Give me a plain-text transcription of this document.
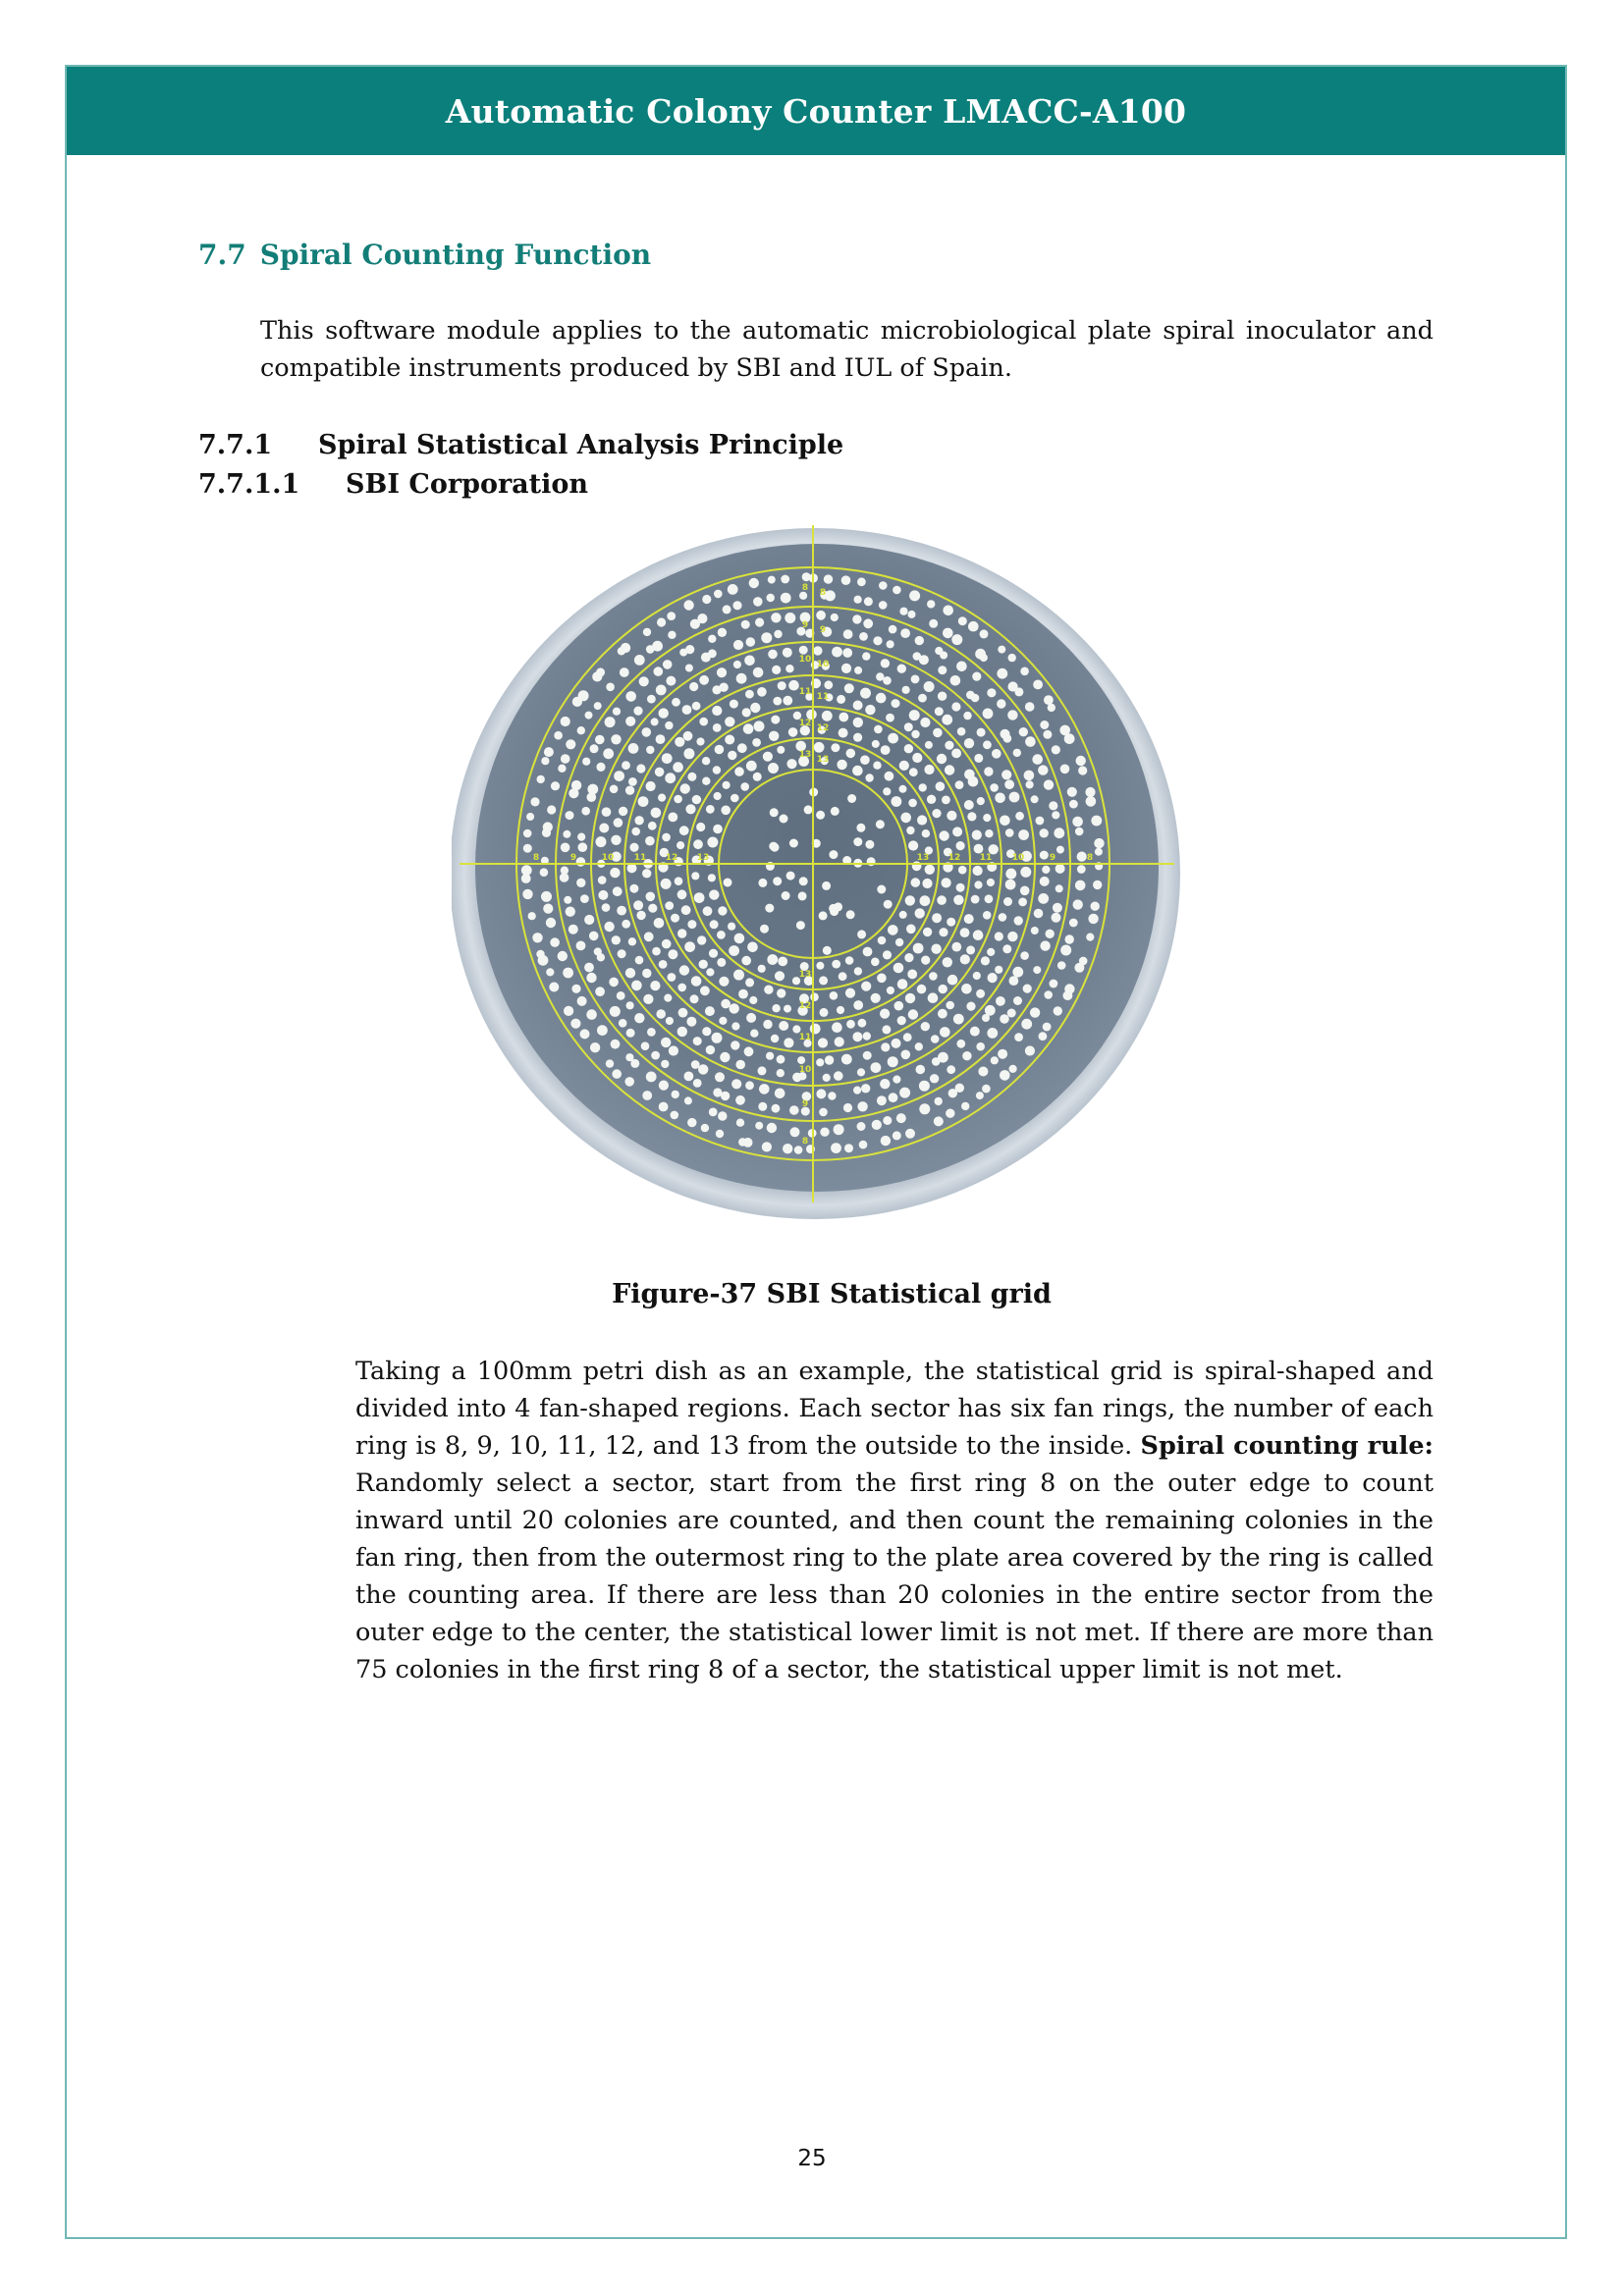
Automatic Colony Counter LMACC-A100
7.7 Spiral Counting Function
This software module applies to the automatic microbiological plate spiral inoculator and compatible instruments produced by SBI and IUL of Spain.
7.7.1 Spiral Statistical Analysis Principle
7.7.1.1 SBI Corporation
8 8
8
8	8
9 9
9
9	9
10 10
10
10	10
11 11
11
11	11
12 12
12
12	12
13 13
13
13	13
Figure-37 SBI Statistical grid
Taking a 100mm petri dish as an example, the statistical grid is spiral-shaped and divided into 4 fan-shaped regions. Each sector has six fan rings, the number of each ring is 8, 9, 10, 11, 12, and 13 from the outside to the inside. Spiral counting rule: Randomly select a sector, start from the first ring 8 on the outer edge to count inward until 20 colonies are counted, and then count the remaining colonies in the fan ring, then from the outermost ring to the plate area covered by the ring is called the counting area. If there are less than 20 colonies in the entire sector from the outer edge to the center, the statistical lower limit is not met. If there are more than 75 colonies in the first ring 8 of a sector, the statistical upper limit is not met.
25
